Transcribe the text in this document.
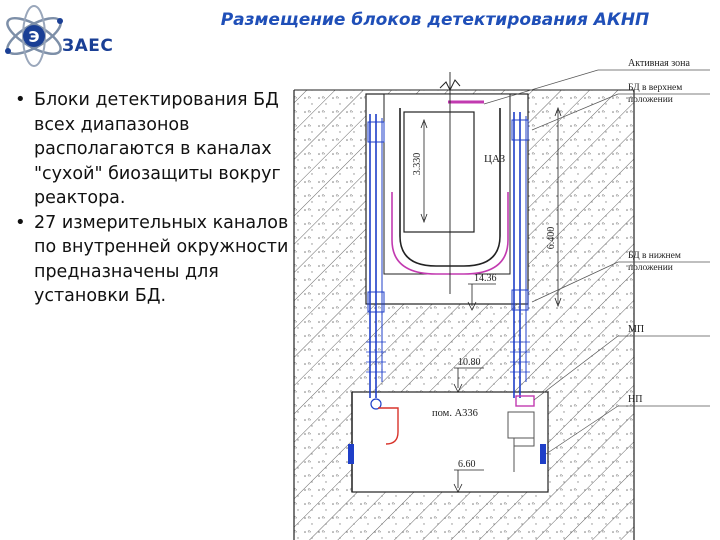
Э ЗАЕС
Размещение блоков детектирования АКНП
• Блоки детектирования БД всех диапазонов располагаются в каналах "сухой" биозащиты вокруг реактора.
• 27 измерительных каналов по внутренней окружности предназначены для установки БД.
3.330
6.400
14.36
10.80
6.60
ЦАЗ
пом. А336
Активная зона
БД в верхнем
положении
БД в нижнем
положении
МП
НП
